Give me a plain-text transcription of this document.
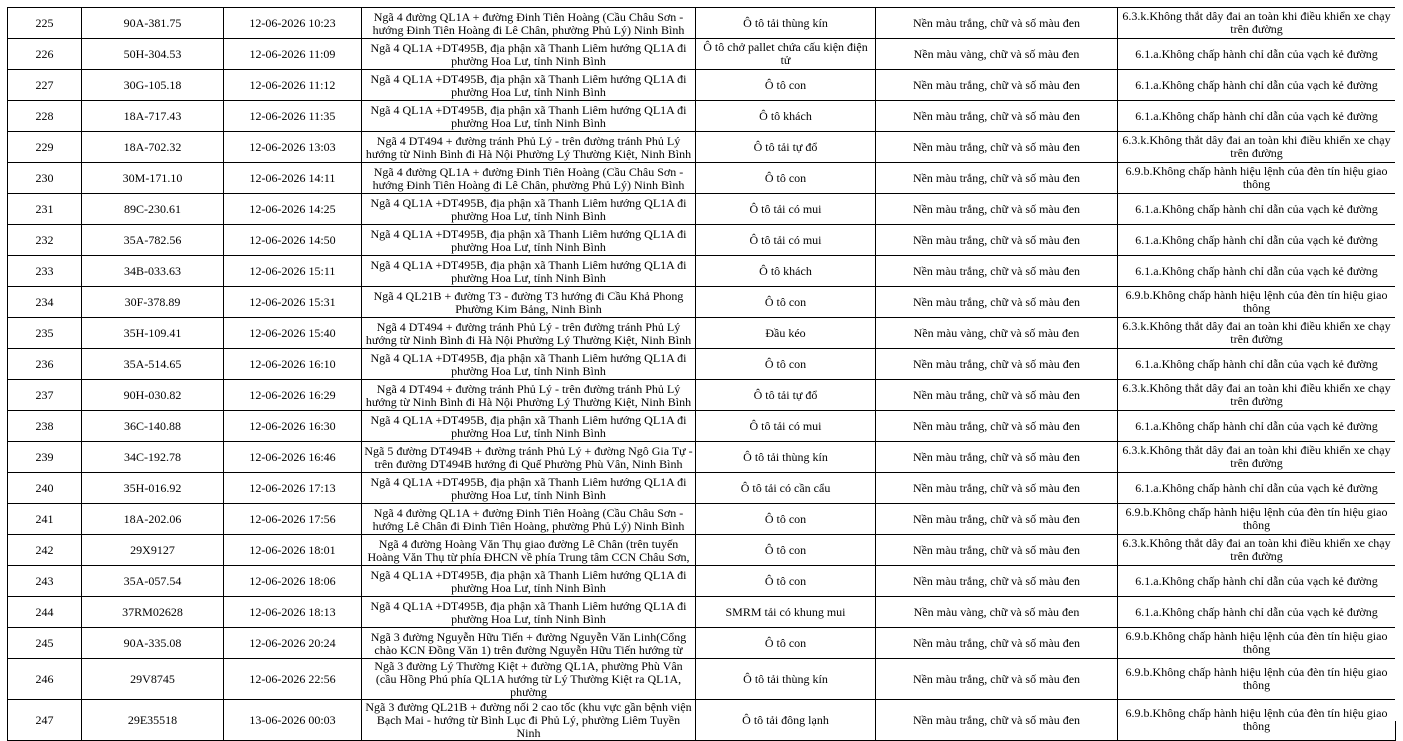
225	90A-381.75	12-06-2026 10:23	Ngã 4 đường QL1A + đường Đinh Tiên Hoàng (Cầu Châu Sơn - hướng Đinh Tiên Hoàng đi Lê Chân, phường Phủ Lý) Ninh Bình	Ô tô tải thùng kín	Nền màu trắng, chữ và số màu đen	6.3.k.Không thắt dây đai an toàn khi điều khiển xe chạy trên đường
226	50H-304.53	12-06-2026 11:09	Ngã 4 QL1A +DT495B, địa phận xã Thanh Liêm hướng QL1A đi phường Hoa Lư, tỉnh Ninh Bình	Ô tô chở pallet chứa cấu kiện điện tử	Nền màu vàng, chữ và số màu đen	6.1.a.Không chấp hành chỉ dẫn của vạch kẻ đường
227	30G-105.18	12-06-2026 11:12	Ngã 4 QL1A +DT495B, địa phận xã Thanh Liêm hướng QL1A đi phường Hoa Lư, tỉnh Ninh Bình	Ô tô con	Nền màu trắng, chữ và số màu đen	6.1.a.Không chấp hành chỉ dẫn của vạch kẻ đường
228	18A-717.43	12-06-2026 11:35	Ngã 4 QL1A +DT495B, địa phận xã Thanh Liêm hướng QL1A đi phường Hoa Lư, tỉnh Ninh Bình	Ô tô khách	Nền màu trắng, chữ và số màu đen	6.1.a.Không chấp hành chỉ dẫn của vạch kẻ đường
229	18A-702.32	12-06-2026 13:03	Ngã 4 DT494 + đường tránh Phủ Lý - trên đường tránh Phủ Lý hướng từ Ninh Bình đi Hà Nội Phường Lý Thường Kiệt, Ninh Bình	Ô tô tải tự đổ	Nền màu trắng, chữ và số màu đen	6.3.k.Không thắt dây đai an toàn khi điều khiển xe chạy trên đường
230	30M-171.10	12-06-2026 14:11	Ngã 4 đường QL1A + đường Đinh Tiên Hoàng (Cầu Châu Sơn - hướng Đinh Tiên Hoàng đi Lê Chân, phường Phủ Lý) Ninh Bình	Ô tô con	Nền màu trắng, chữ và số màu đen	6.9.b.Không chấp hành hiệu lệnh của đèn tín hiệu giao thông
231	89C-230.61	12-06-2026 14:25	Ngã 4 QL1A +DT495B, địa phận xã Thanh Liêm hướng QL1A đi phường Hoa Lư, tỉnh Ninh Bình	Ô tô tải có mui	Nền màu trắng, chữ và số màu đen	6.1.a.Không chấp hành chỉ dẫn của vạch kẻ đường
232	35A-782.56	12-06-2026 14:50	Ngã 4 QL1A +DT495B, địa phận xã Thanh Liêm hướng QL1A đi phường Hoa Lư, tỉnh Ninh Bình	Ô tô tải có mui	Nền màu trắng, chữ và số màu đen	6.1.a.Không chấp hành chỉ dẫn của vạch kẻ đường
233	34B-033.63	12-06-2026 15:11	Ngã 4 QL1A +DT495B, địa phận xã Thanh Liêm hướng QL1A đi phường Hoa Lư, tỉnh Ninh Bình	Ô tô khách	Nền màu trắng, chữ và số màu đen	6.1.a.Không chấp hành chỉ dẫn của vạch kẻ đường
234	30F-378.89	12-06-2026 15:31	Ngã 4 QL21B + đường T3 - đường T3 hướng đi Cầu Khả Phong Phường Kim Bảng, Ninh Bình	Ô tô con	Nền màu trắng, chữ và số màu đen	6.9.b.Không chấp hành hiệu lệnh của đèn tín hiệu giao thông
235	35H-109.41	12-06-2026 15:40	Ngã 4 DT494 + đường tránh Phủ Lý - trên đường tránh Phủ Lý hướng từ Ninh Bình đi Hà Nội Phường Lý Thường Kiệt, Ninh Bình	Đầu kéo	Nền màu vàng, chữ và số màu đen	6.3.k.Không thắt dây đai an toàn khi điều khiển xe chạy trên đường
236	35A-514.65	12-06-2026 16:10	Ngã 4 QL1A +DT495B, địa phận xã Thanh Liêm hướng QL1A đi phường Hoa Lư, tỉnh Ninh Bình	Ô tô con	Nền màu trắng, chữ và số màu đen	6.1.a.Không chấp hành chỉ dẫn của vạch kẻ đường
237	90H-030.82	12-06-2026 16:29	Ngã 4 DT494 + đường tránh Phủ Lý - trên đường tránh Phủ Lý hướng từ Ninh Bình đi Hà Nội Phường Lý Thường Kiệt, Ninh Bình	Ô tô tải tự đổ	Nền màu trắng, chữ và số màu đen	6.3.k.Không thắt dây đai an toàn khi điều khiển xe chạy trên đường
238	36C-140.88	12-06-2026 16:30	Ngã 4 QL1A +DT495B, địa phận xã Thanh Liêm hướng QL1A đi phường Hoa Lư, tỉnh Ninh Bình	Ô tô tải có mui	Nền màu trắng, chữ và số màu đen	6.1.a.Không chấp hành chỉ dẫn của vạch kẻ đường
239	34C-192.78	12-06-2026 16:46	Ngã 5 đường DT494B + đường tránh Phủ Lý + đường Ngô Gia Tự - trên đường DT494B hướng đi Quế Phường Phù Vân, Ninh Bình	Ô tô tải thùng kín	Nền màu trắng, chữ và số màu đen	6.3.k.Không thắt dây đai an toàn khi điều khiển xe chạy trên đường
240	35H-016.92	12-06-2026 17:13	Ngã 4 QL1A +DT495B, địa phận xã Thanh Liêm hướng QL1A đi phường Hoa Lư, tỉnh Ninh Bình	Ô tô tải có cần cẩu	Nền màu trắng, chữ và số màu đen	6.1.a.Không chấp hành chỉ dẫn của vạch kẻ đường
241	18A-202.06	12-06-2026 17:56	Ngã 4 đường QL1A + đường Đinh Tiên Hoàng (Cầu Châu Sơn - hướng Lê Chân đi Đinh Tiên Hoàng, phường Phủ Lý) Ninh Bình	Ô tô con	Nền màu trắng, chữ và số màu đen	6.9.b.Không chấp hành hiệu lệnh của đèn tín hiệu giao thông
242	29X9127	12-06-2026 18:01	Ngã 4 đường Hoàng Văn Thụ giao đường Lê Chân (trên tuyến Hoàng Văn Thụ từ phía ĐHCN về phía Trung tâm CCN Châu Sơn,	Ô tô con	Nền màu trắng, chữ và số màu đen	6.3.k.Không thắt dây đai an toàn khi điều khiển xe chạy trên đường
243	35A-057.54	12-06-2026 18:06	Ngã 4 QL1A +DT495B, địa phận xã Thanh Liêm hướng QL1A đi phường Hoa Lư, tỉnh Ninh Bình	Ô tô con	Nền màu trắng, chữ và số màu đen	6.1.a.Không chấp hành chỉ dẫn của vạch kẻ đường
244	37RM02628	12-06-2026 18:13	Ngã 4 QL1A +DT495B, địa phận xã Thanh Liêm hướng QL1A đi phường Hoa Lư, tỉnh Ninh Bình	SMRM tải có khung mui	Nền màu vàng, chữ và số màu đen	6.1.a.Không chấp hành chỉ dẫn của vạch kẻ đường
245	90A-335.08	12-06-2026 20:24	Ngã 3 đường Nguyễn Hữu Tiến + đường Nguyễn Văn Linh(Cổng chào KCN Đồng Văn 1) trên đường Nguyễn Hữu Tiến hướng từ	Ô tô con	Nền màu trắng, chữ và số màu đen	6.9.b.Không chấp hành hiệu lệnh của đèn tín hiệu giao thông
246	29V8745	12-06-2026 22:56	Ngã 3 đường Lý Thường Kiệt + đường QL1A, phường Phù Vân (cầu Hồng Phú phía QL1A hướng từ Lý Thường Kiệt ra QL1A, phường	Ô tô tải thùng kín	Nền màu trắng, chữ và số màu đen	6.9.b.Không chấp hành hiệu lệnh của đèn tín hiệu giao thông
247	29E35518	13-06-2026 00:03	Ngã 3 đường QL21B + đường nối 2 cao tốc (khu vực gần bệnh viện Bạch Mai - hướng từ Bình Lục đi Phủ Lý, phường Liêm Tuyền Ninh	Ô tô tải đông lạnh	Nền màu trắng, chữ và số màu đen	6.9.b.Không chấp hành hiệu lệnh của đèn tín hiệu giao thông
